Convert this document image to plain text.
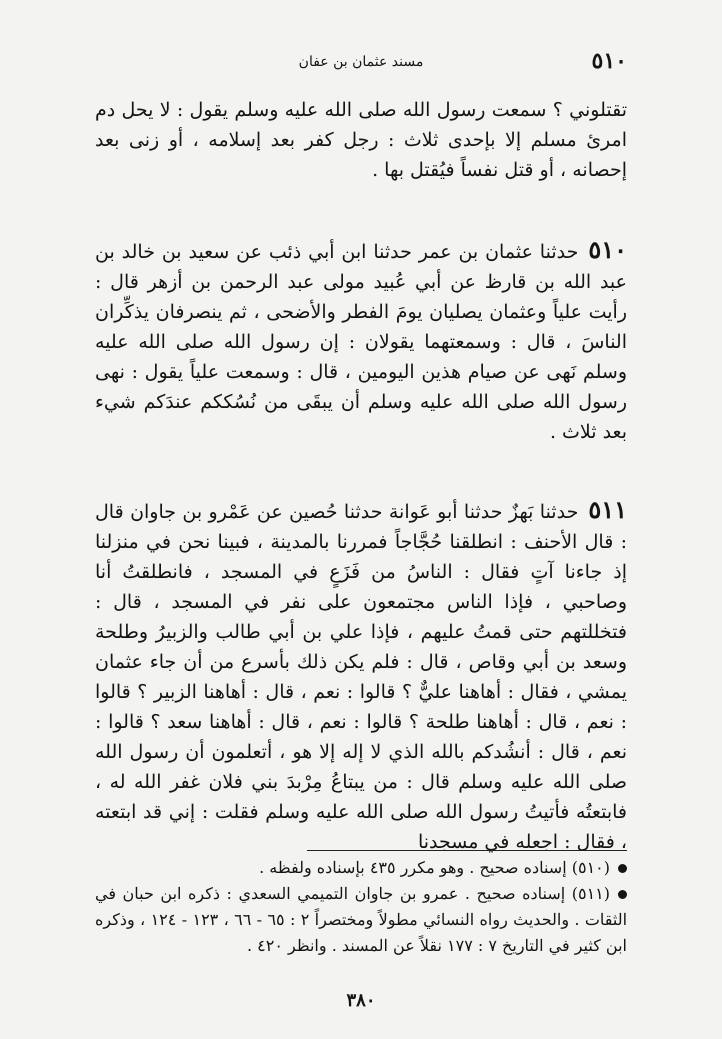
٥١٠
مسند عثمان بن عفان

تقتلوني ؟ سمعت رسول الله صلى الله عليه وسلم يقول : لا يحل دم امرئ مسلم إلا بإحدى ثلاث : رجل كفر بعد إسلامه ، أو زنى بعد إحصانه ، أو قتل نفساً فيُقتل بها .

٥١٠حدثنا عثمان بن عمر حدثنا ابن أبي ذئب عن سعيد بن خالد بن عبد الله بن قارظ عن أبي عُبيد مولى عبد الرحمن بن أزهر قال : رأيت علياً وعثمان يصليان يومَ الفطر والأضحى ، ثم ينصرفان يذكِّران الناسَ ، قال : وسمعتهما يقولان : إن رسول الله صلى الله عليه وسلم نَهى عن صيام هذين اليومين ، قال : وسمعت علياً يقول : نهى رسول الله صلى الله عليه وسلم أن يبقَى من نُسُككم عندَكم شيء بعد ثلاث .

٥١١حدثنا بَهزٌ حدثنا أبو عَوانة حدثنا حُصين عن عَمْرو بن جاوان قال : قال الأحنف : انطلقنا حُجَّاجاً فمررنا بالمدينة ، فبينا نحن في منزلنا إذ جاءنا آتٍ فقال : الناسُ من فَزَعٍ في المسجد ، فانطلقتُ أنا وصاحبي ، فإذا الناس مجتمعون على نفر في المسجد ، قال : فتخللتهم حتى قمتُ عليهم ، فإذا علي بن أبي طالب والزبيرُ وطلحة وسعد بن أبي وقاص ، قال : فلم يكن ذلك بأسرع من أن جاء عثمان يمشي ، فقال : أهاهنا عليٌّ ؟ قالوا : نعم ، قال : أهاهنا الزبير ؟ قالوا : نعم ، قال : أهاهنا طلحة ؟ قالوا : نعم ، قال : أهاهنا سعد ؟ قالوا : نعم ، قال : أنشُدكم بالله الذي لا إله إلا هو ، أتعلمون أن رسول الله صلى الله عليه وسلم قال : من يبتاعُ مِرْبدَ بني فلان غفر الله له ، فابتعتُه فأتيتُ رسول الله صلى الله عليه وسلم فقلت : إني قد ابتعته ، فقال : اجعله في مسجدنا

(٥١٠) إسناده صحيح . وهو مكرر ٤٣٥ بإسناده ولفظه .

(٥١١) إسناده صحيح . عمرو بن جاوان التميمي السعدي : ذكره ابن حبان في الثقات . والحديث رواه النسائي مطولاً ومختصراً ٢ : ٦٥ - ٦٦ ، ١٢٣ - ١٢٤ ، وذكره ابن كثير في التاريخ ٧ : ١٧٧ نقلاً عن المسند . وانظر ٤٢٠ .

٣٨٠
